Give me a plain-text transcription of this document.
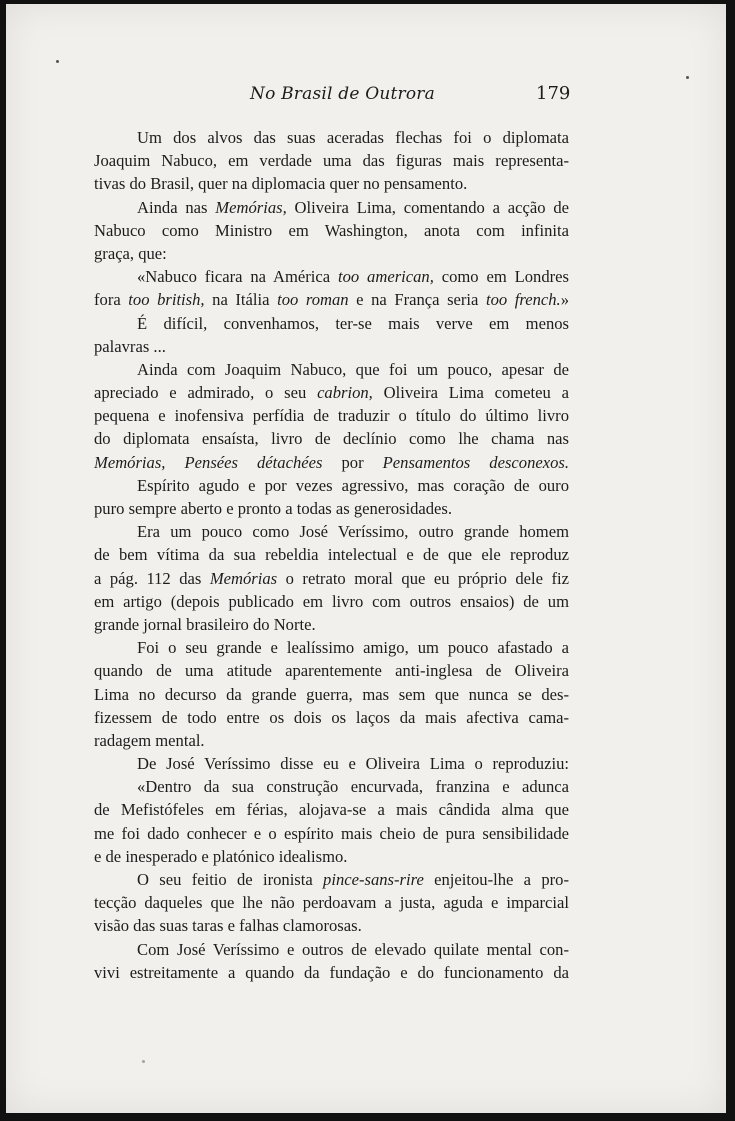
No Brasil de Outrora	179
Um dos alvos das suas aceradas flechas foi o diplomata
Joaquim Nabuco, em verdade uma das figuras mais representa-
tivas do Brasil, quer na diplomacia quer no pensamento.
Ainda nas Memórias, Oliveira Lima, comentando a acção de
Nabuco como Ministro em Washington, anota com infinita
graça, que:
«Nabuco ficara na América too american, como em Londres
fora too british, na Itália too roman e na França seria too french.»
É difícil, convenhamos, ter-se mais verve em menos
palavras ...
Ainda com Joaquim Nabuco, que foi um pouco, apesar de
apreciado e admirado, o seu cabrion, Oliveira Lima cometeu a
pequena e inofensiva perfídia de traduzir o título do último livro
do diplomata ensaísta, livro de declínio como lhe chama nas
Memórias, Pensées détachées por Pensamentos desconexos.
Espírito agudo e por vezes agressivo, mas coração de ouro
puro sempre aberto e pronto a todas as generosidades.
Era um pouco como José Veríssimo, outro grande homem
de bem vítima da sua rebeldia intelectual e de que ele reproduz
a pág. 112 das Memórias o retrato moral que eu próprio dele fiz
em artigo (depois publicado em livro com outros ensaios) de um
grande jornal brasileiro do Norte.
Foi o seu grande e lealíssimo amigo, um pouco afastado a
quando de uma atitude aparentemente anti-inglesa de Oliveira
Lima no decurso da grande guerra, mas sem que nunca se des-
fizessem de todo entre os dois os laços da mais afectiva cama-
radagem mental.
De José Veríssimo disse eu e Oliveira Lima o reproduziu:
«Dentro da sua construção encurvada, franzina e adunca
de Mefistófeles em férias, alojava-se a mais cândida alma que
me foi dado conhecer e o espírito mais cheio de pura sensibilidade
e de inesperado e platónico idealismo.
O seu feitio de ironista pince-sans-rire enjeitou-lhe a pro-
tecção daqueles que lhe não perdoavam a justa, aguda e imparcial
visão das suas taras e falhas clamorosas.
Com José Veríssimo e outros de elevado quilate mental con-
vivi estreitamente a quando da fundação e do funcionamento da
